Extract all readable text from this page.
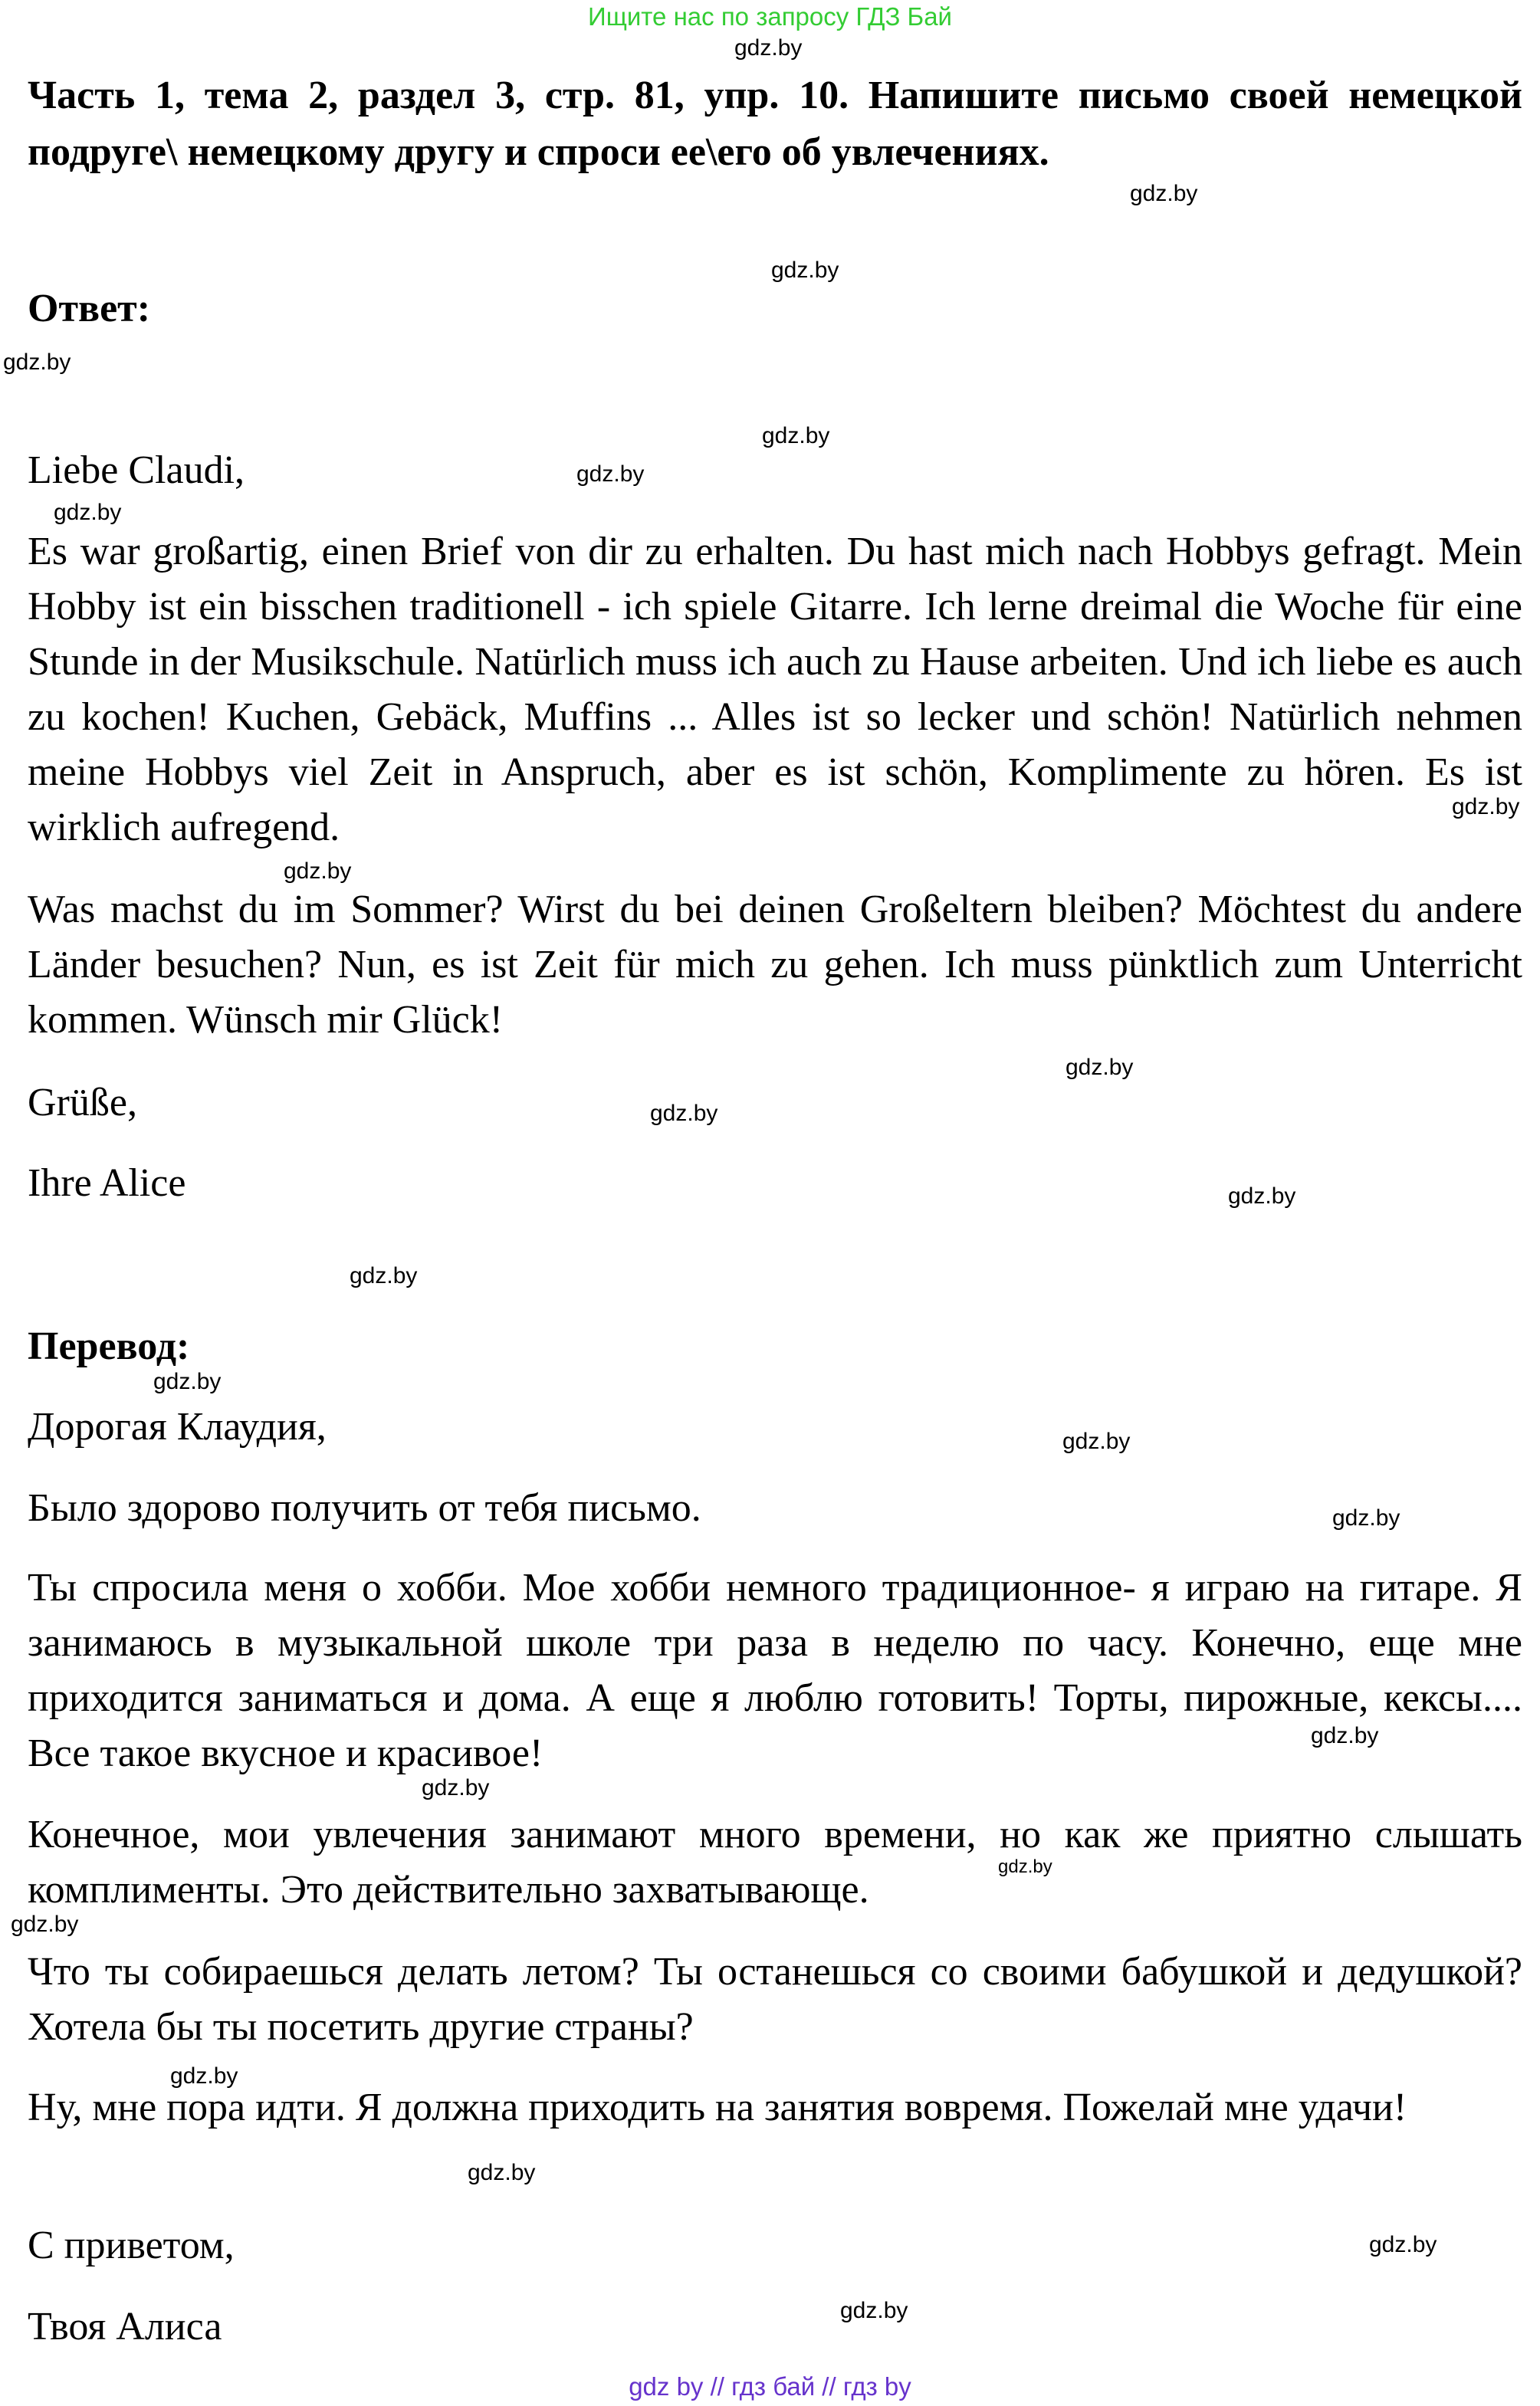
Ищите нас по запросу ГДЗ Бай
Часть 1, тема 2, раздел 3, стр. 81, упр. 10. Напишите письмо своей немецкой подруге\ немецкому другу и спроси ее\его об увлечениях.
Ответ:
Liebe Claudi,
Es war großartig, einen Brief von dir zu erhalten. Du hast mich nach Hobbys gefragt. Mein Hobby ist ein bisschen traditionell - ich spiele Gitarre. Ich lerne dreimal die Woche für eine Stunde in der Musikschule. Natürlich muss ich auch zu Hause arbeiten. Und ich liebe es auch zu kochen! Kuchen, Gebäck, Muffins ... Alles ist so lecker und schön! Natürlich nehmen meine Hobbys viel Zeit in Anspruch, aber es ist schön, Komplimente zu hören. Es ist wirklich aufregend.
Was machst du im Sommer? Wirst du bei deinen Großeltern bleiben? Möchtest du andere Länder besuchen? Nun, es ist Zeit für mich zu gehen. Ich muss pünktlich zum Unterricht kommen. Wünsch mir Glück!
Grüße,
Ihre Alice
Перевод:
Дорогая Клаудия,
Было здорово получить от тебя письмо.
Ты спросила меня о хобби. Мое хобби немного традиционное- я играю на гитаре. Я занимаюсь в музыкальной школе три раза в неделю по часу. Конечно, еще мне приходится заниматься и дома. А еще я люблю готовить! Торты, пирожные, кексы.... Все такое вкусное и красивое!
Конечное, мои увлечения занимают много времени, но как же приятно слышать комплименты. Это действительно захватывающе.
Что ты собираешься делать летом? Ты останешься со своими бабушкой и дедушкой? Хотела бы ты посетить другие страны?
Ну, мне пора идти. Я должна приходить на занятия вовремя. Пожелай мне удачи!
С приветом,
Твоя Алиса
gdz.by
gdz.by
gdz.by
gdz.by
gdz.by
gdz.by
gdz.by
gdz.by
gdz.by
gdz.by
gdz.by
gdz.by
gdz.by
gdz.by
gdz.by
gdz.by
gdz.by
gdz.by
gdz.by
gdz.by
gdz.by
gdz.by
gdz.by
gdz.by
gdz by // гдз бай // гдз by
